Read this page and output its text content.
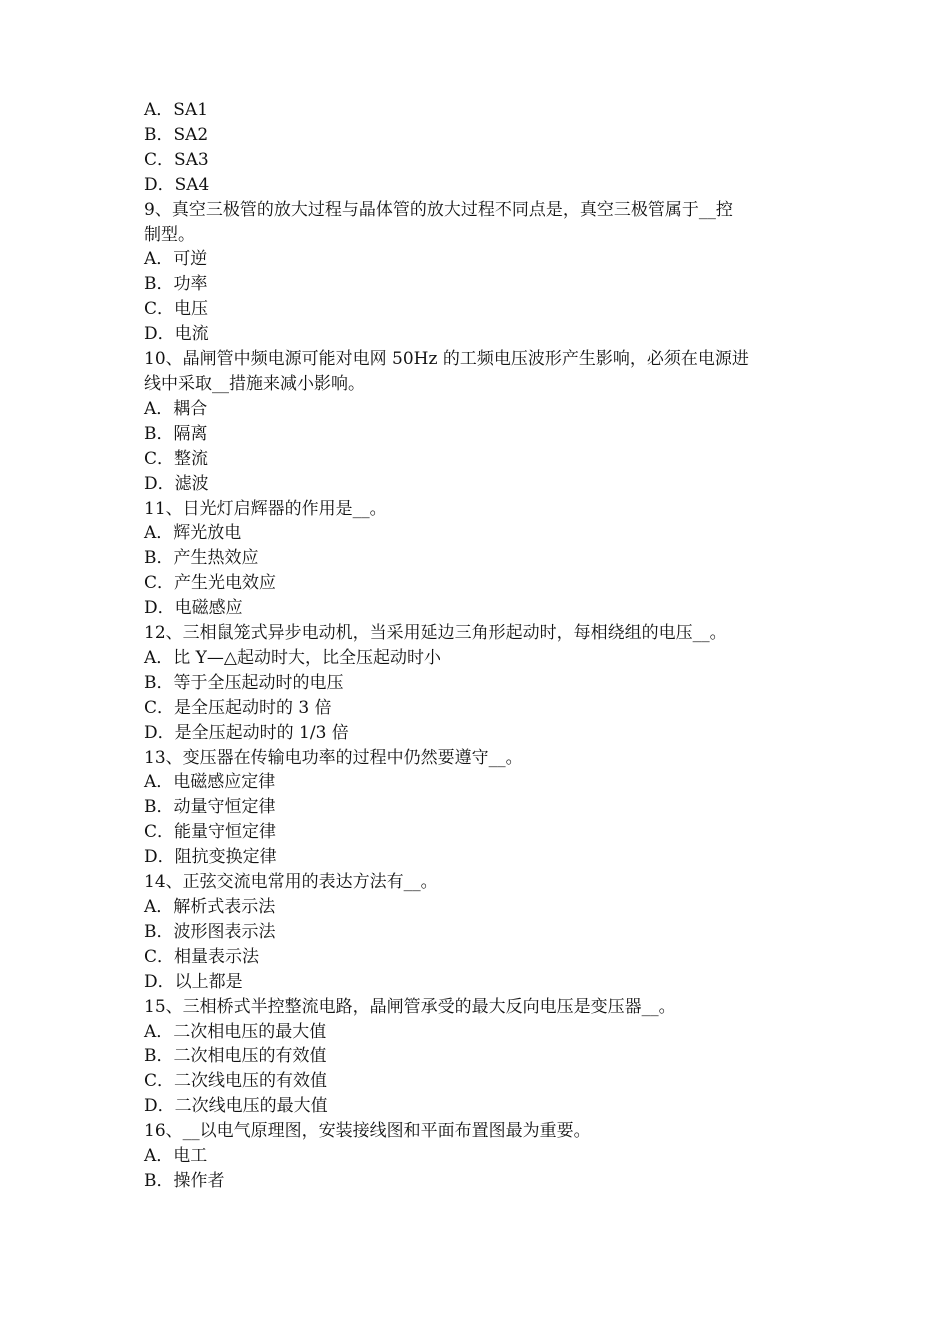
A．SA1
B．SA2
C．SA3
D．SA4
9、真空三极管的放大过程与晶体管的放大过程不同点是，真空三极管属于__控
制型。
A．可逆
B．功率
C．电压
D．电流
10、晶闸管中频电源可能对电网 50Hz 的工频电压波形产生影响，必须在电源进
线中采取__措施来减小影响。
A．耦合
B．隔离
C．整流
D．滤波
11、日光灯启辉器的作用是__。
A．辉光放电
B．产生热效应
C．产生光电效应
D．电磁感应
12、三相鼠笼式异步电动机，当采用延边三角形起动时，每相绕组的电压__。
A．比 Y—△起动时大，比全压起动时小
B．等于全压起动时的电压
C．是全压起动时的 3 倍
D．是全压起动时的 1/3 倍
13、变压器在传输电功率的过程中仍然要遵守__。
A．电磁感应定律
B．动量守恒定律
C．能量守恒定律
D．阻抗变换定律
14、正弦交流电常用的表达方法有__。
A．解析式表示法
B．波形图表示法
C．相量表示法
D．以上都是
15、三相桥式半控整流电路，晶闸管承受的最大反向电压是变压器__。
A．二次相电压的最大值
B．二次相电压的有效值
C．二次线电压的有效值
D．二次线电压的最大值
16、__以电气原理图，安装接线图和平面布置图最为重要。
A．电工
B．操作者
